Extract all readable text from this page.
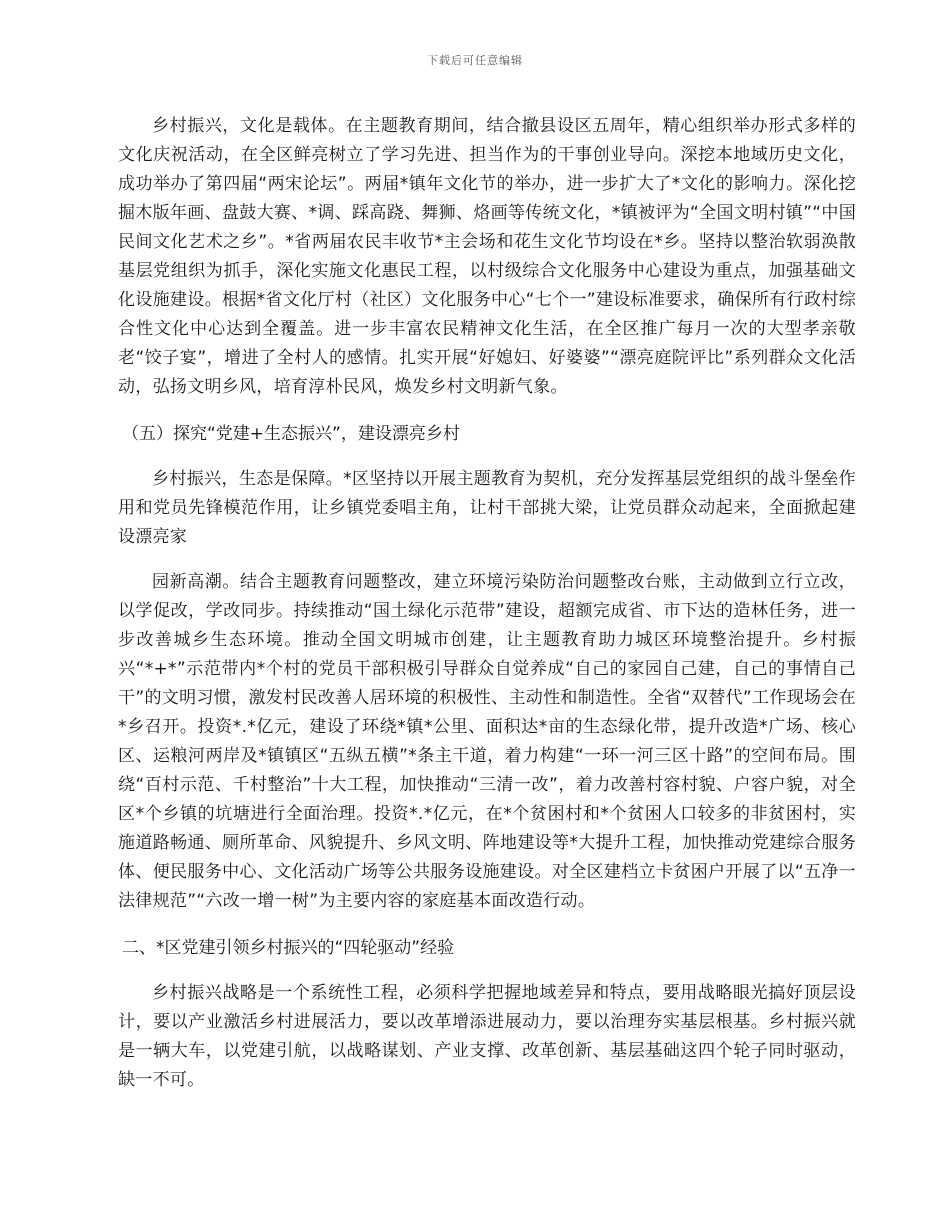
下载后可任意编辑

乡村振兴，文化是载体。在主题教育期间，结合撤县设区五周年，精心组织举办形式多样的文化庆祝活动，在全区鲜亮树立了学习先进、担当作为的干事创业导向。深挖本地域历史文化，成功举办了第四届“两宋论坛”。两届*镇年文化节的举办，进一步扩大了*文化的影响力。深化挖掘木版年画、盘鼓大赛、*调、踩高跷、舞狮、烙画等传统文化，*镇被评为“全国文明村镇”“中国民间文化艺术之乡”。*省两届农民丰收节*主会场和花生文化节均设在*乡。坚持以整治软弱涣散基层党组织为抓手，深化实施文化惠民工程，以村级综合文化服务中心建设为重点，加强基础文化设施建设。根据*省文化厅村（社区）文化服务中心“七个一”建设标准要求，确保所有行政村综合性文化中心达到全覆盖。进一步丰富农民精神文化生活，在全区推广每月一次的大型孝亲敬老“饺子宴”，增进了全村人的感情。扎实开展“好媳妇、好婆婆”“漂亮庭院评比”系列群众文化活动，弘扬文明乡风，培育淳朴民风，焕发乡村文明新气象。

（五）探究“党建+生态振兴”，建设漂亮乡村

乡村振兴，生态是保障。*区坚持以开展主题教育为契机，充分发挥基层党组织的战斗堡垒作用和党员先锋模范作用，让乡镇党委唱主角，让村干部挑大梁，让党员群众动起来，全面掀起建设漂亮家

园新高潮。结合主题教育问题整改，建立环境污染防治问题整改台账，主动做到立行立改，以学促改，学改同步。持续推动“国土绿化示范带”建设，超额完成省、市下达的造林任务，进一步改善城乡生态环境。推动全国文明城市创建，让主题教育助力城区环境整治提升。乡村振兴“*+*”示范带内*个村的党员干部积极引导群众自觉养成“自己的家园自己建，自己的事情自己干”的文明习惯，激发村民改善人居环境的积极性、主动性和制造性。全省“双替代”工作现场会在*乡召开。投资*.*亿元，建设了环绕*镇*公里、面积达*亩的生态绿化带，提升改造*广场、核心区、运粮河两岸及*镇镇区“五纵五横”*条主干道，着力构建“一环一河三区十路”的空间布局。围绕“百村示范、千村整治”十大工程，加快推动“三清一改”，着力改善村容村貌、户容户貌，对全区*个乡镇的坑塘进行全面治理。投资*.*亿元，在*个贫困村和*个贫困人口较多的非贫困村，实施道路畅通、厕所革命、风貌提升、乡风文明、阵地建设等*大提升工程，加快推动党建综合服务体、便民服务中心、文化活动广场等公共服务设施建设。对全区建档立卡贫困户开展了以“五净一法律规范”“六改一增一树”为主要内容的家庭基本面改造行动。

二、*区党建引领乡村振兴的“四轮驱动”经验

乡村振兴战略是一个系统性工程，必须科学把握地域差异和特点，要用战略眼光搞好顶层设计，要以产业激活乡村进展活力，要以改革增添进展动力，要以治理夯实基层根基。乡村振兴就是一辆大车，以党建引航，以战略谋划、产业支撑、改革创新、基层基础这四个轮子同时驱动，缺一不可。
